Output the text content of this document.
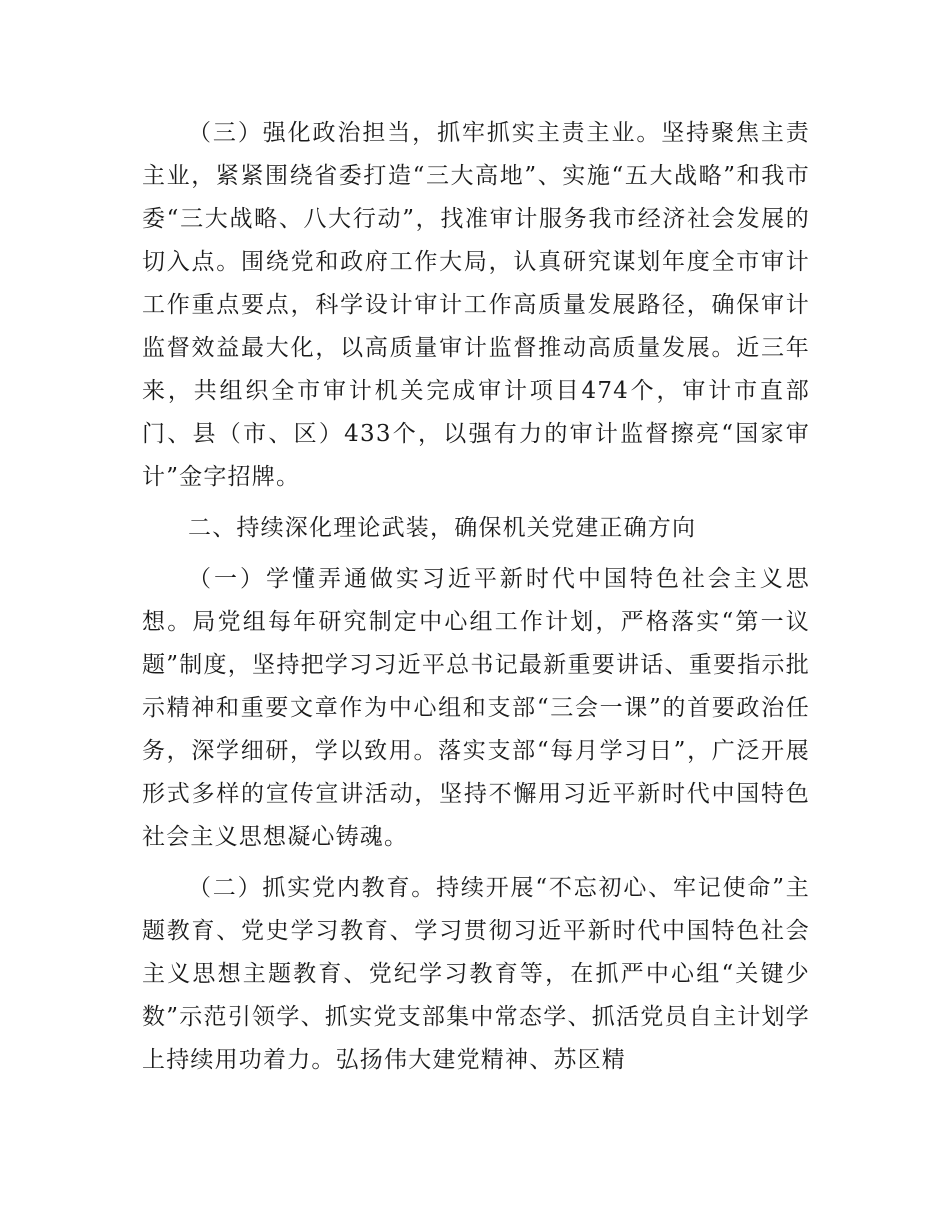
（三）强化政治担当，抓牢抓实主责主业。坚持聚焦主责主业，紧紧围绕省委打造“三大高地”、实施“五大战略”和我市委“三大战略、八大行动”，找准审计服务我市经济社会发展的切入点。围绕党和政府工作大局，认真研究谋划年度全市审计工作重点要点，科学设计审计工作高质量发展路径，确保审计监督效益最大化，以高质量审计监督推动高质量发展。近三年来，共组织全市审计机关完成审计项目474个，审计市直部门、县（市、区）433个，以强有力的审计监督擦亮“国家审计”金字招牌。

二、持续深化理论武装，确保机关党建正确方向

（一）学懂弄通做实习近平新时代中国特色社会主义思想。局党组每年研究制定中心组工作计划，严格落实“第一议题”制度，坚持把学习习近平总书记最新重要讲话、重要指示批示精神和重要文章作为中心组和支部“三会一课”的首要政治任务，深学细研，学以致用。落实支部“每月学习日”，广泛开展形式多样的宣传宣讲活动，坚持不懈用习近平新时代中国特色社会主义思想凝心铸魂。

（二）抓实党内教育。持续开展“不忘初心、牢记使命”主题教育、党史学习教育、学习贯彻习近平新时代中国特色社会主义思想主题教育、党纪学习教育等，在抓严中心组“关键少数”示范引领学、抓实党支部集中常态学、抓活党员自主计划学上持续用功着力。弘扬伟大建党精神、苏区精
